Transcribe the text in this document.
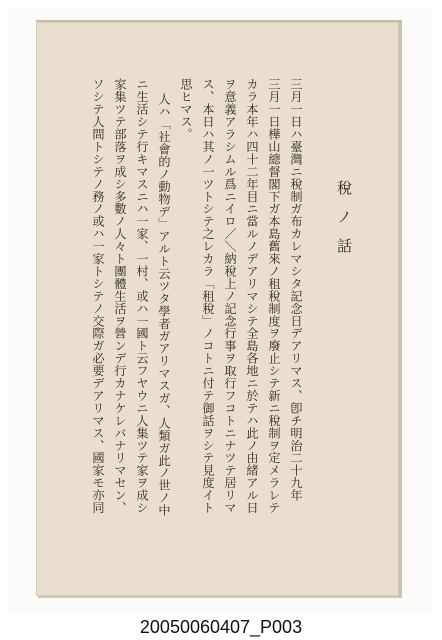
稅ノ話
三月一日ハ臺灣ニ稅制ガ布カレマシタ記念日デアリマス、卽チ明治二十九年
三月一日樺山總督閣下ガ本島舊來ノ租稅制度ヲ廢止シテ新ニ稅制ヲ定メラレテ
カラ本年ハ四十二年目ニ當ルノデアリマシテ全島各地ニ於テハ此ノ由緒アル日
ヲ意義アラシムル爲ニイロ／＼納稅上ノ記念行事ヲ取行フコトニナツテ居リマ
ス、本日ハ其ノ一ツトシテ之レカラ「租稅」ノコトニ付テ御話ヲシテ見度イト
思ヒマス。
人ハ「社會的ノ動物デ」アルト云ツタ學者ガアリマスガ、人類ガ此ノ世ノ中
ニ生活シテ行キマスニハ一家、一村、或ハ一國ト云フヤウニ人集ツテ家ヲ成シ
家集ツテ部落ヲ成シ多數ノ人々ト團體生活ヲ營ンデ行カナケレバナリマセン、
ソシテ人間トシテノ務ノ或ハ一家トシテノ交際ガ必要デアリマス、國家モ亦同
20050060407_P003
